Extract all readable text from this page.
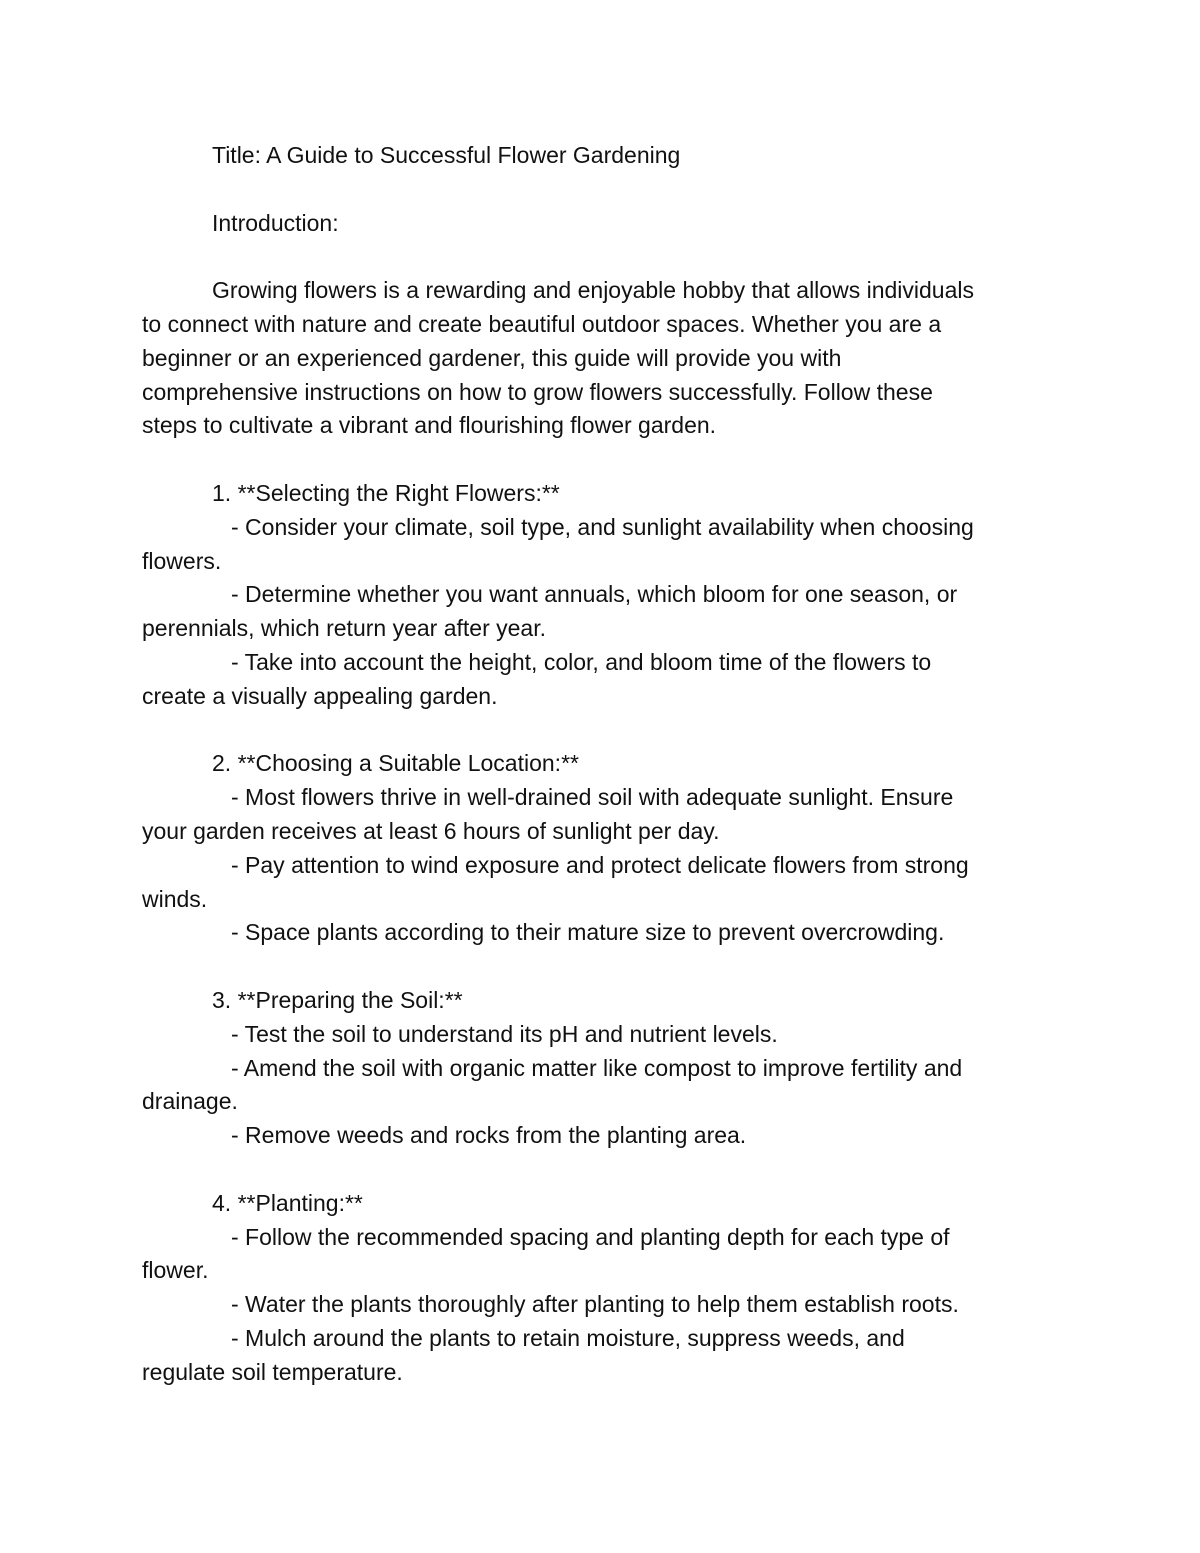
Title: A Guide to Successful Flower Gardening
Introduction:
Growing flowers is a rewarding and enjoyable hobby that allows individuals
to connect with nature and create beautiful outdoor spaces. Whether you are a
beginner or an experienced gardener, this guide will provide you with
comprehensive instructions on how to grow flowers successfully. Follow these
steps to cultivate a vibrant and flourishing flower garden.
1. **Selecting the Right Flowers:**
- Consider your climate, soil type, and sunlight availability when choosing
flowers.
- Determine whether you want annuals, which bloom for one season, or
perennials, which return year after year.
- Take into account the height, color, and bloom time of the flowers to
create a visually appealing garden.
2. **Choosing a Suitable Location:**
- Most flowers thrive in well-drained soil with adequate sunlight. Ensure
your garden receives at least 6 hours of sunlight per day.
- Pay attention to wind exposure and protect delicate flowers from strong
winds.
- Space plants according to their mature size to prevent overcrowding.
3. **Preparing the Soil:**
- Test the soil to understand its pH and nutrient levels.
- Amend the soil with organic matter like compost to improve fertility and
drainage.
- Remove weeds and rocks from the planting area.
4. **Planting:**
- Follow the recommended spacing and planting depth for each type of
flower.
- Water the plants thoroughly after planting to help them establish roots.
- Mulch around the plants to retain moisture, suppress weeds, and
regulate soil temperature.
